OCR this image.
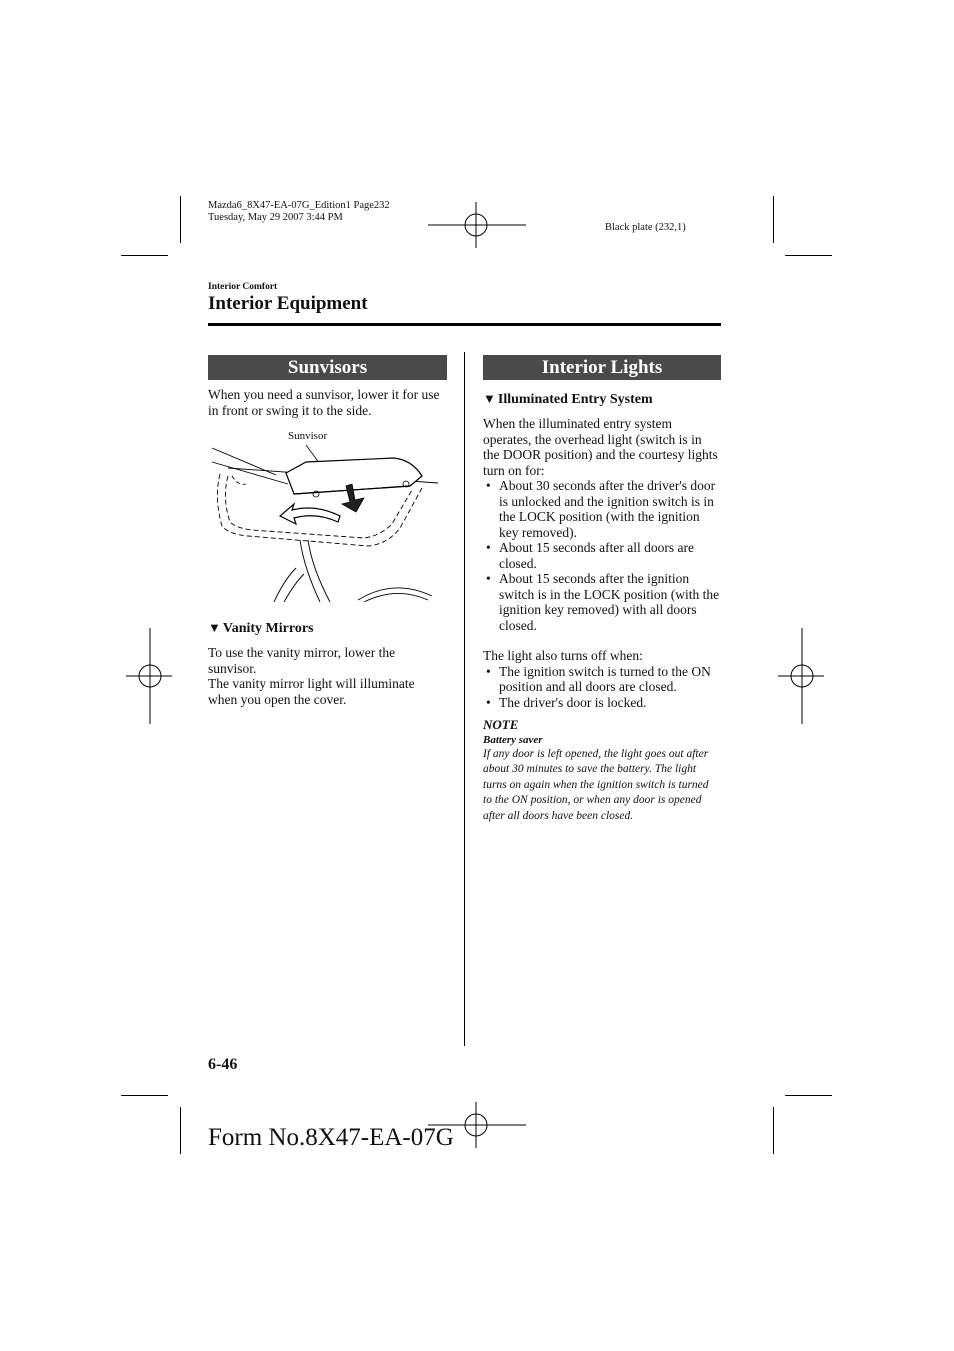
Mazda6_8X47-EA-07G_Edition1 Page232
Tuesday, May 29 2007 3:44 PM
Black plate (232,1)
Interior Comfort
Interior Equipment
Sunvisors
When you need a sunvisor, lower it for use in front or swing it to the side.
Sunvisor
▼ Vanity Mirrors
To use the vanity mirror, lower the sunvisor.
The vanity mirror light will illuminate when you open the cover.
Interior Lights
▼ Illuminated Entry System
When the illuminated entry system operates, the overhead light (switch is in the DOOR position) and the courtesy lights turn on for:
• About 30 seconds after the driver's door is unlocked and the ignition switch is in the LOCK position (with the ignition key removed).
• About 15 seconds after all doors are closed.
• About 15 seconds after the ignition switch is in the LOCK position (with the ignition key removed) with all doors closed.
The light also turns off when:
• The ignition switch is turned to the ON position and all doors are closed.
• The driver's door is locked.
NOTE
Battery saver
If any door is left opened, the light goes out after about 30 minutes to save the battery. The light turns on again when the ignition switch is turned to the ON position, or when any door is opened after all doors have been closed.
6-46
Form No.8X47-EA-07G
